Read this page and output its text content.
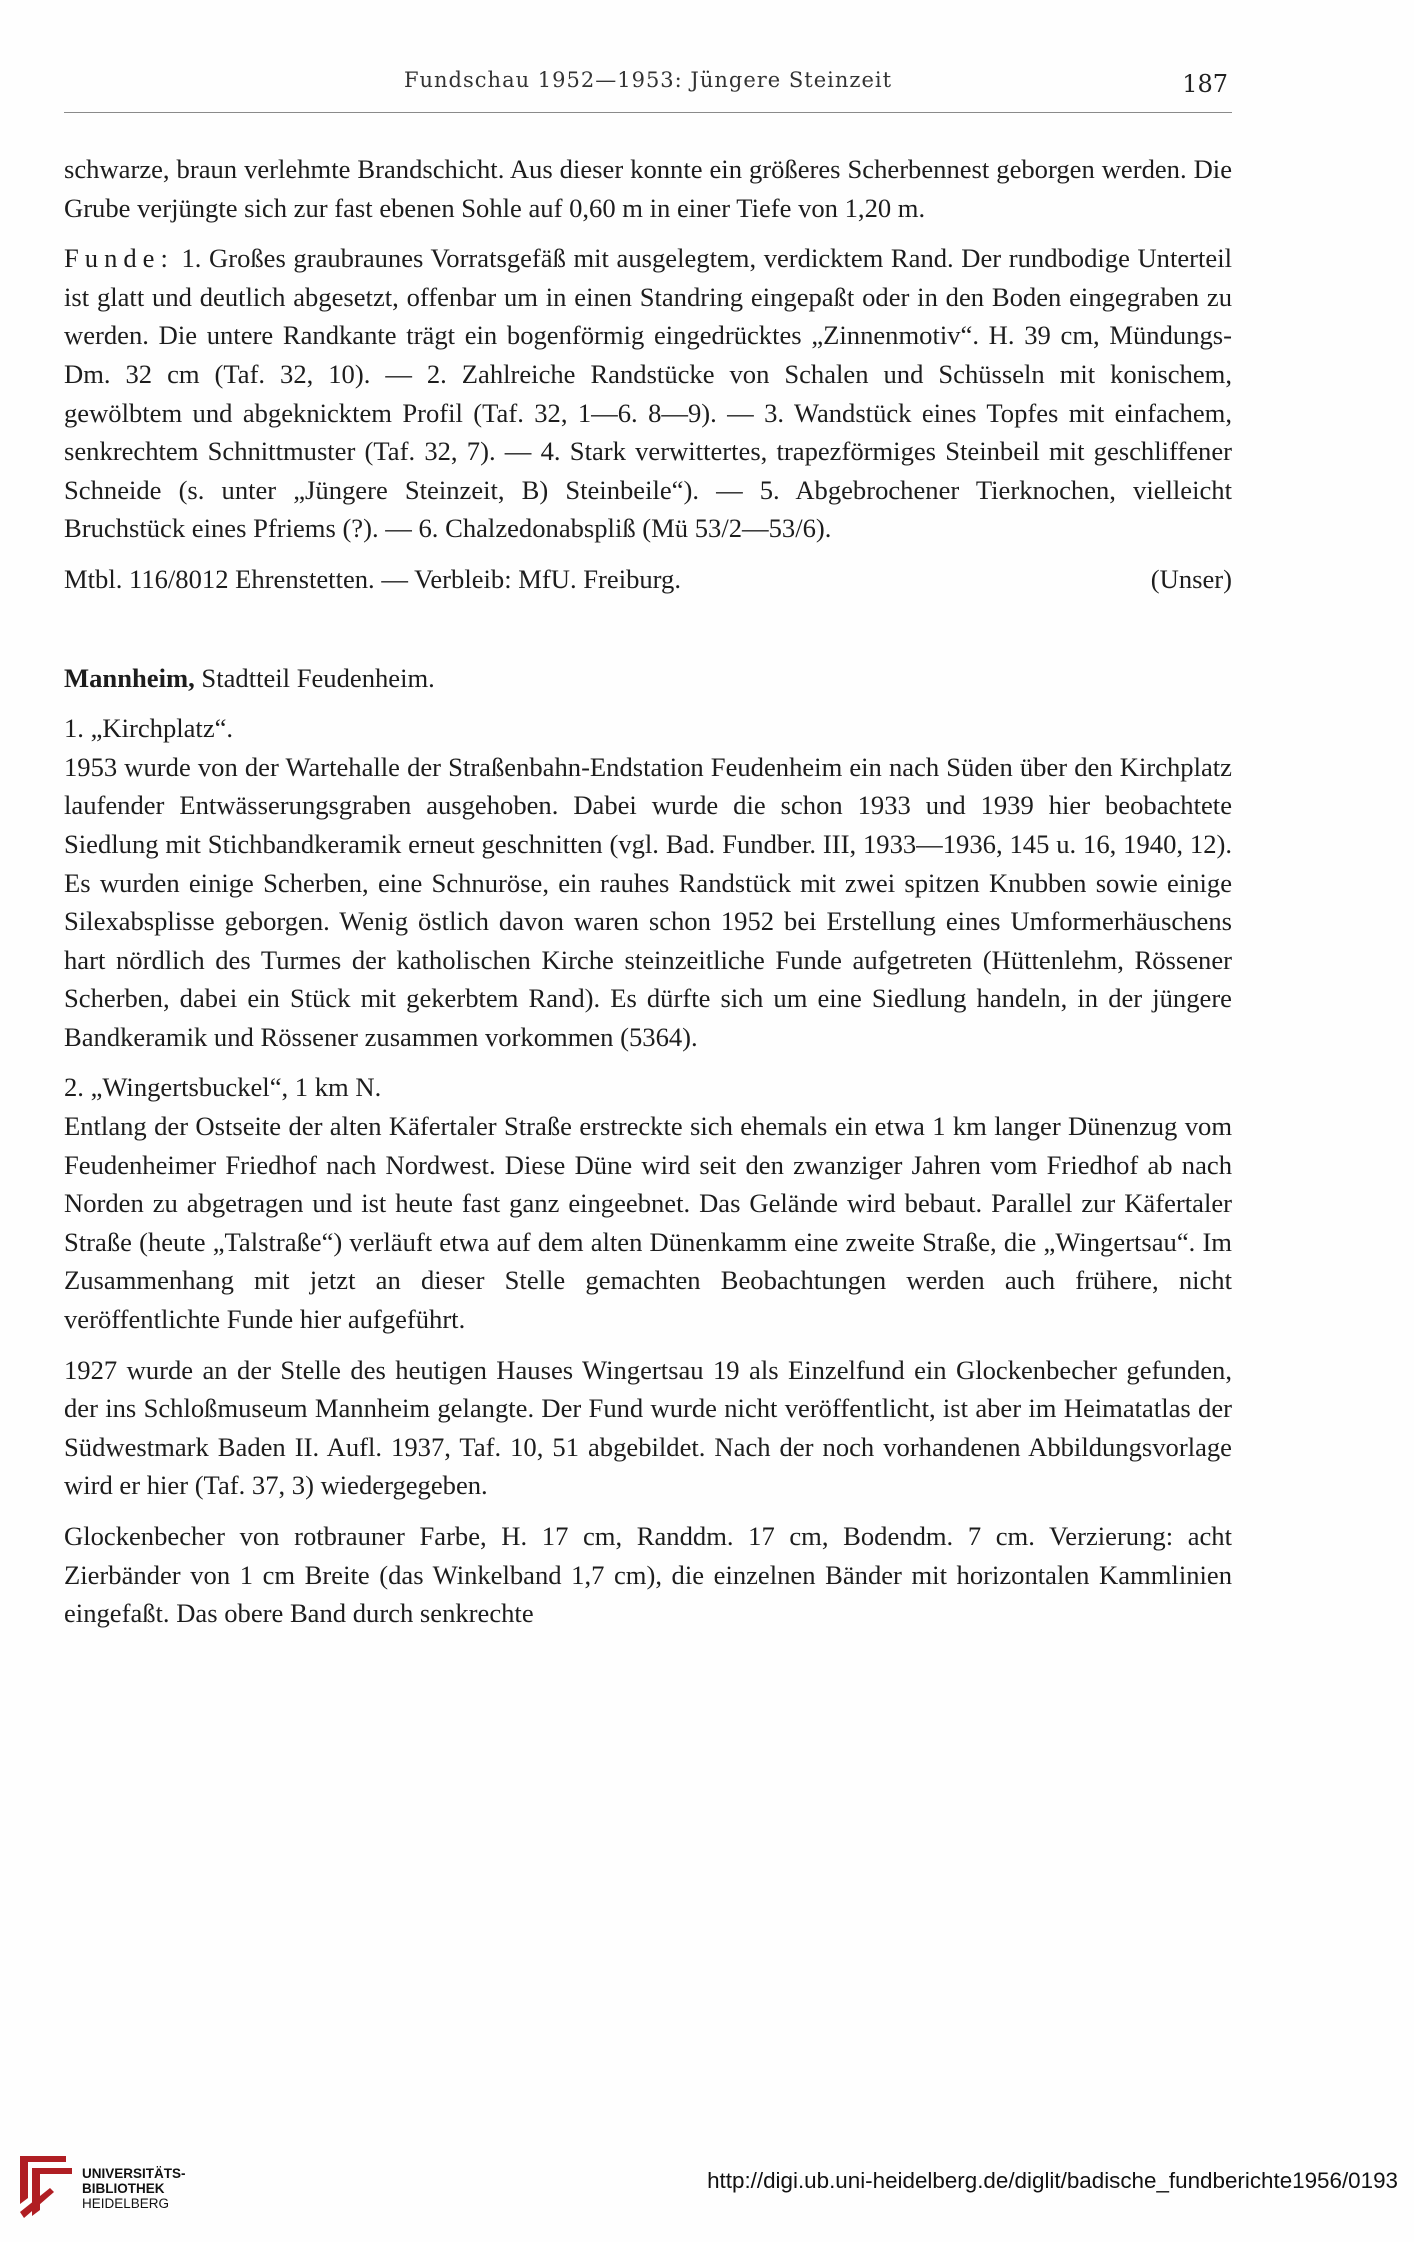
Fundschau 1952—1953: Jüngere Steinzeit	187

schwarze, braun verlehmte Brandschicht. Aus dieser konnte ein größeres Scherbennest geborgen werden. Die Grube verjüngte sich zur fast ebenen Sohle auf 0,60 m in einer Tiefe von 1,20 m.

Funde: 1. Großes graubraunes Vorratsgefäß mit ausgelegtem, verdicktem Rand. Der rundbodige Unterteil ist glatt und deutlich abgesetzt, offenbar um in einen Standring eingepaßt oder in den Boden eingegraben zu werden. Die untere Randkante trägt ein bogenförmig eingedrücktes „Zinnenmotiv“. H. 39 cm, Mündungs-Dm. 32 cm (Taf. 32, 10). — 2. Zahlreiche Randstücke von Schalen und Schüsseln mit konischem, gewölbtem und abgeknicktem Profil (Taf. 32, 1—6. 8—9). — 3. Wandstück eines Topfes mit einfachem, senkrechtem Schnittmuster (Taf. 32, 7). — 4. Stark verwittertes, trapezförmiges Steinbeil mit geschliffener Schneide (s. unter „Jüngere Steinzeit, B) Steinbeile“). — 5. Abgebrochener Tierknochen, vielleicht Bruchstück eines Pfriems (?). — 6. Chalzedonabspliß (Mü 53/2—53/6).

Mtbl. 116/8012 Ehrenstetten. — Verbleib: MfU. Freiburg.	(Unser)

Mannheim, Stadtteil Feudenheim.

1. „Kirchplatz“.

1953 wurde von der Wartehalle der Straßenbahn-Endstation Feudenheim ein nach Süden über den Kirchplatz laufender Entwässerungsgraben ausgehoben. Dabei wurde die schon 1933 und 1939 hier beobachtete Siedlung mit Stichbandkeramik erneut geschnitten (vgl. Bad. Fundber. III, 1933—1936, 145 u. 16, 1940, 12). Es wurden einige Scherben, eine Schnuröse, ein rauhes Randstück mit zwei spitzen Knubben sowie einige Silexabsplisse geborgen. Wenig östlich davon waren schon 1952 bei Erstellung eines Umformerhäuschens hart nördlich des Turmes der katholischen Kirche steinzeitliche Funde aufgetreten (Hüttenlehm, Rössener Scherben, dabei ein Stück mit gekerbtem Rand). Es dürfte sich um eine Siedlung handeln, in der jüngere Bandkeramik und Rössener zusammen vorkommen (5364).

2. „Wingertsbuckel“, 1 km N.

Entlang der Ostseite der alten Käfertaler Straße erstreckte sich ehemals ein etwa 1 km langer Dünenzug vom Feudenheimer Friedhof nach Nordwest. Diese Düne wird seit den zwanziger Jahren vom Friedhof ab nach Norden zu abgetragen und ist heute fast ganz eingeebnet. Das Gelände wird bebaut. Parallel zur Käfertaler Straße (heute „Talstraße“) verläuft etwa auf dem alten Dünenkamm eine zweite Straße, die „Wingertsau“. Im Zusammenhang mit jetzt an dieser Stelle gemachten Beobachtungen werden auch frühere, nicht veröffentlichte Funde hier aufgeführt.

1927 wurde an der Stelle des heutigen Hauses Wingertsau 19 als Einzelfund ein Glockenbecher gefunden, der ins Schloßmuseum Mannheim gelangte. Der Fund wurde nicht veröffentlicht, ist aber im Heimatatlas der Südwestmark Baden II. Aufl. 1937, Taf. 10, 51 abgebildet. Nach der noch vorhandenen Abbildungsvorlage wird er hier (Taf. 37, 3) wiedergegeben.

Glockenbecher von rotbrauner Farbe, H. 17 cm, Randdm. 17 cm, Bodendm. 7 cm. Verzierung: acht Zierbänder von 1 cm Breite (das Winkelband 1,7 cm), die einzelnen Bänder mit horizontalen Kammlinien eingefaßt. Das obere Band durch senkrechte

UNIVERSITÄTS-
BIBLIOTHEK
HEIDELBERG
http://digi.ub.uni-heidelberg.de/diglit/badische_fundberichte1956/0193
